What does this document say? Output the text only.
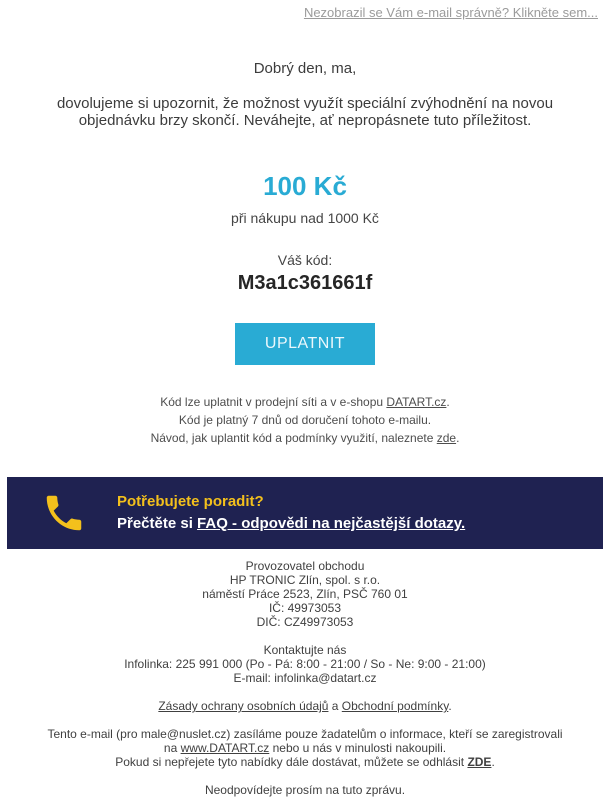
Nezobrazil se Vám e-mail správně? Klikněte sem...
Dobrý den, ma,
dovolujeme si upozornit, že možnost využít speciální zvýhodnění na novou objednávku brzy skončí. Neváhejte, ať nepropásnete tuto příležitost.
100 Kč
při nákupu nad 1000 Kč
Váš kód:
M3a1c361661f
UPLATNIT

Kód lze uplatnit v prodejní síti a v e-shopu DATART.cz.

Kód je platný 7 dnů od doručení tohoto e-mailu.

Návod, jak uplantit kód a podmínky využití, naleznete zde.

Potřebujete poradit?
Přečtěte si FAQ - odpovědi na nejčastější dotazy.
Provozovatel obchodu
HP TRONIC Zlín, spol. s r.o.
náměstí Práce 2523, Zlín, PSČ 760 01
IČ: 49973053
DIČ: CZ49973053
Kontaktujte nás
Infolinka: 225 991 000 (Po - Pá: 8:00 - 21:00 / So - Ne: 9:00 - 21:00)
E-mail: infolinka@datart.cz
Zásady ochrany osobních údajů a Obchodní podmínky.
Tento e-mail (pro male@nuslet.cz) zasíláme pouze žadatelům o informace, kteří se zaregistrovali
na www.DATART.cz nebo u nás v minulosti nakoupili.
Pokud si nepřejete tyto nabídky dále dostávat, můžete se odhlásit ZDE.
Neodpovídejte prosím na tuto zprávu.
